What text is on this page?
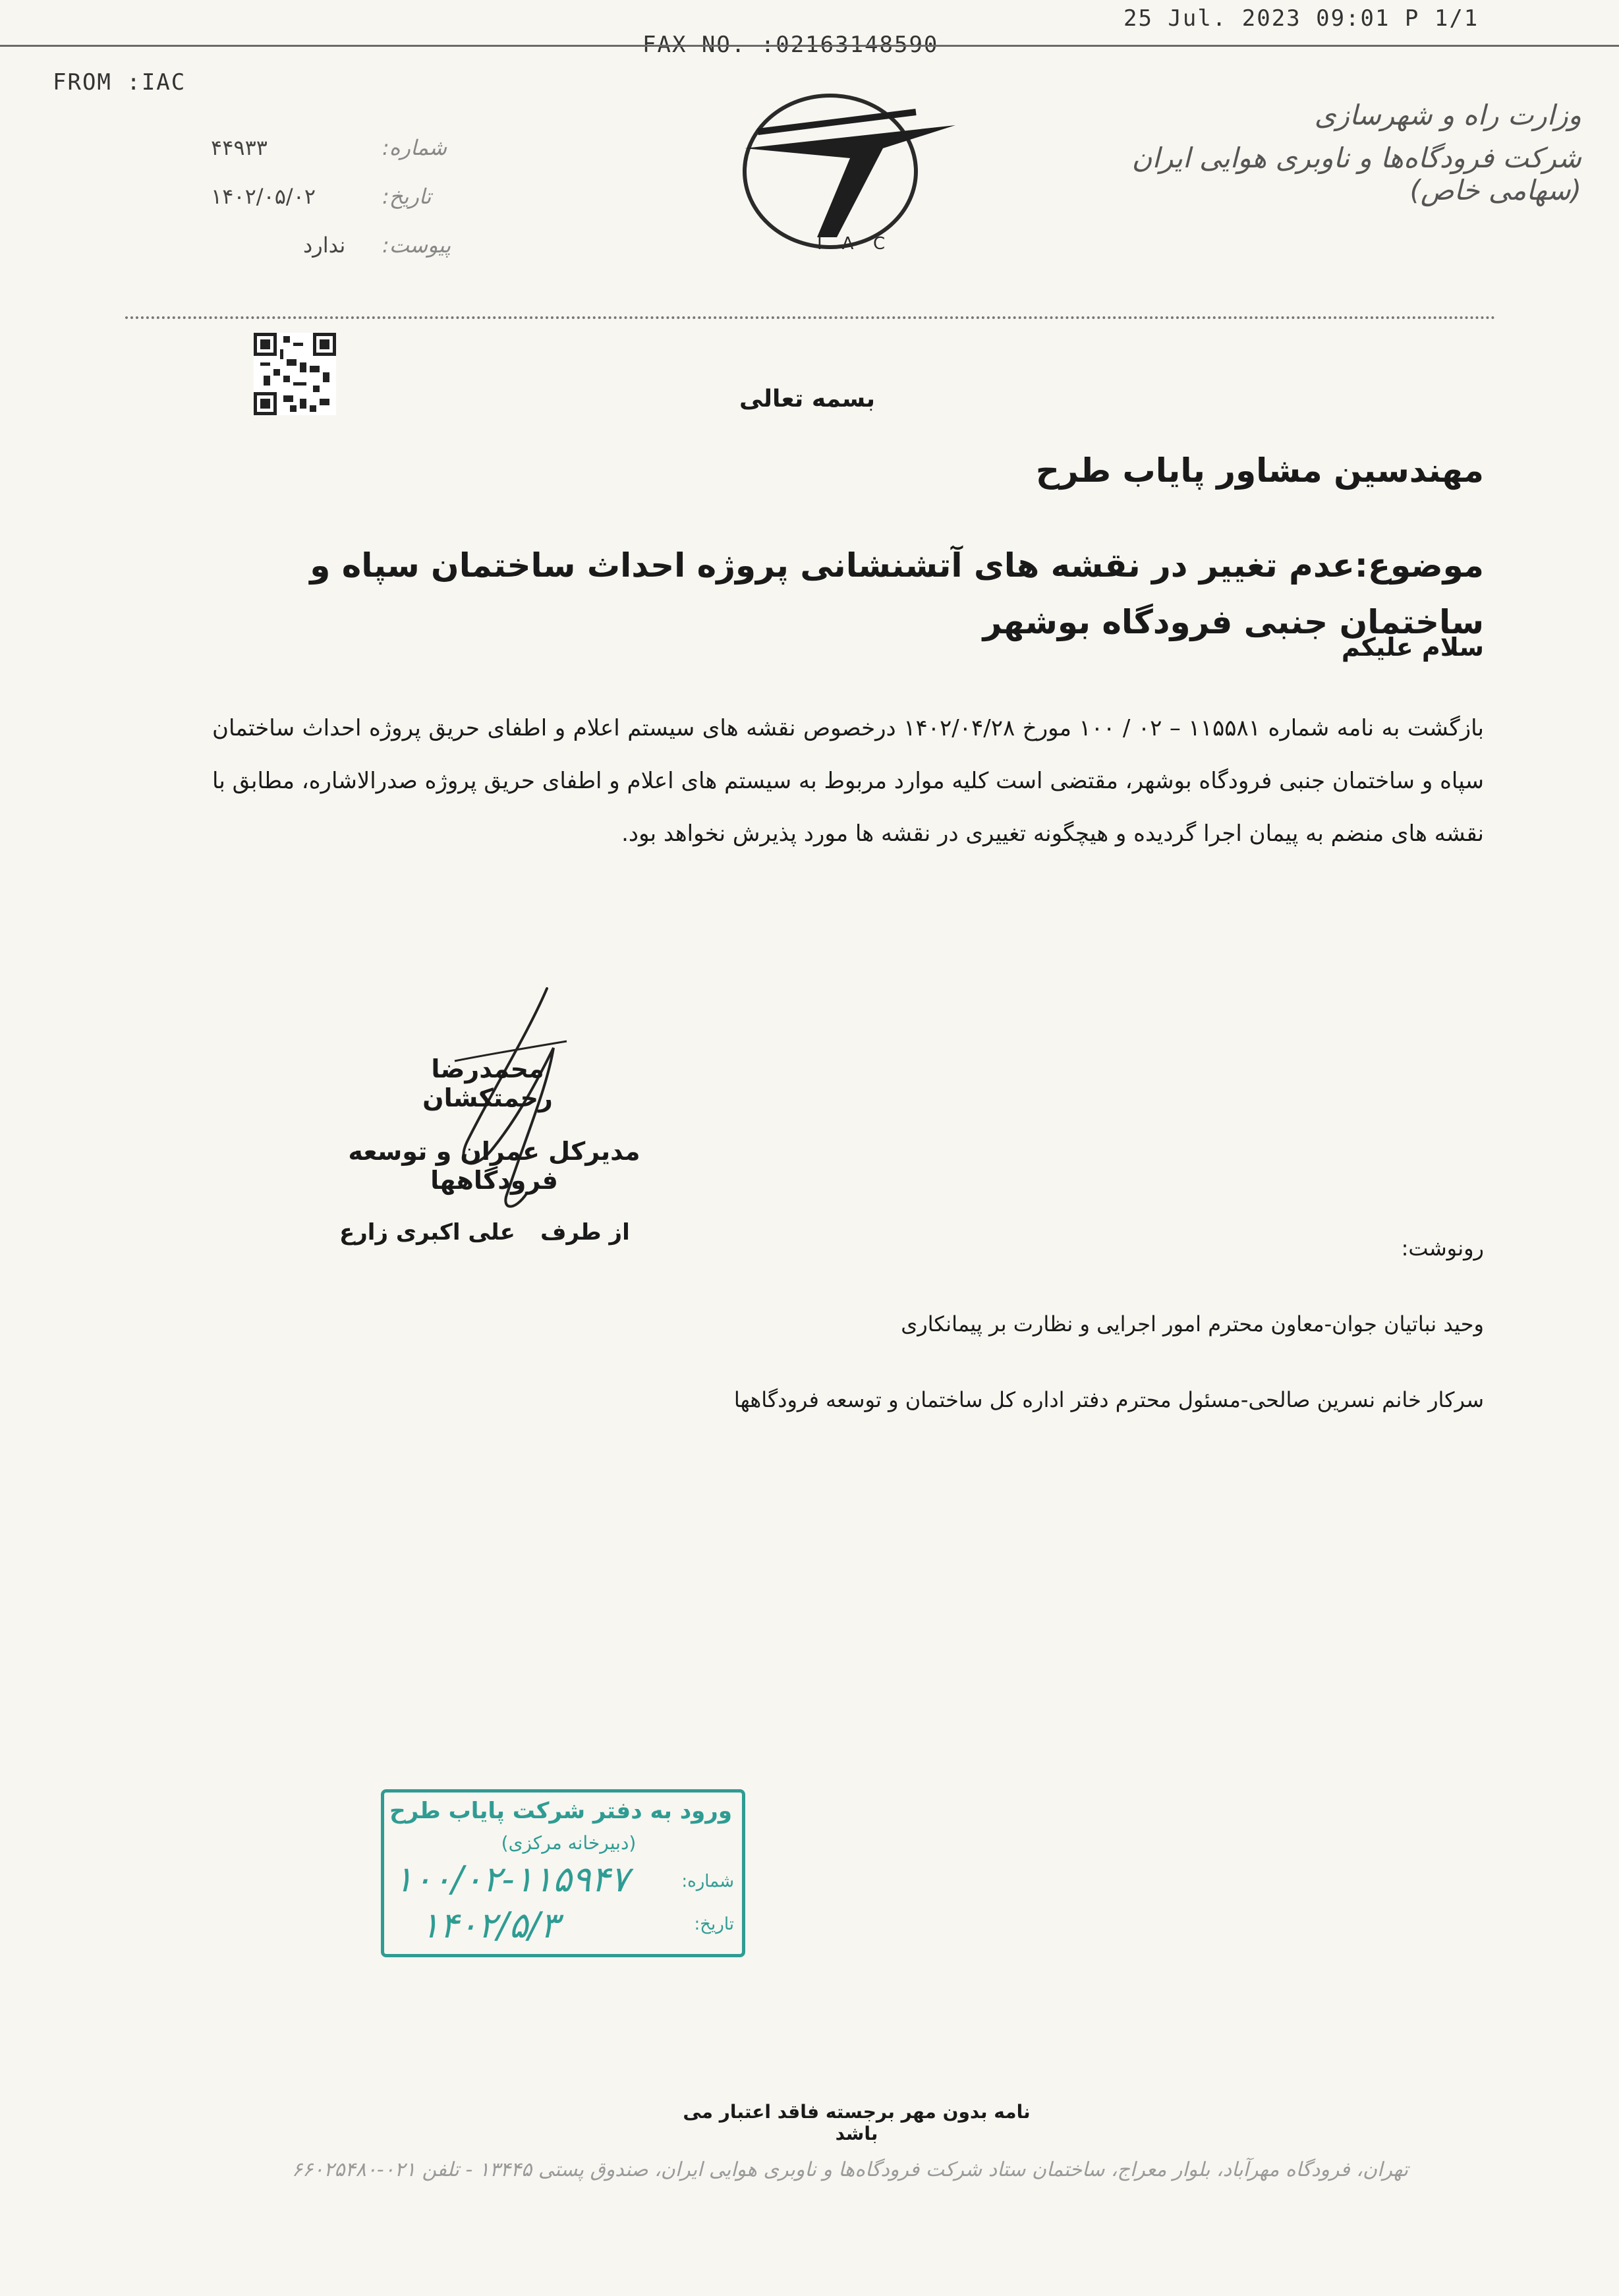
FROM :IAC
FAX NO. :02163148590
25 Jul. 2023 09:01 P 1/1
۴۴۹۳۳	شماره:
۱۴۰۲/۰۵/۰۲	تاریخ:
ندارد پیوست:	IAC
وزارت راه و شهرسازی
شرکت فرودگاه‌ها و ناوبری هوایی ایران (سهامی خاص)
بسمه تعالی
مهندسین مشاور پایاب طرح
موضوع:عدم تغییر در نقشه های آتشنشانی پروژه احداث ساختمان سپاه و ساختمان جنبی فرودگاه بوشهر
سلام علیکم
بازگشت به نامه شماره ۱۱۵۵۸۱ – ۰۲ / ۱۰۰ مورخ ۱۴۰۲/۰۴/۲۸ درخصوص نقشه های سیستم اعلام و اطفای حریق پروژه احداث ساختمان سپاه و ساختمان جنبی فرودگاه بوشهر، مقتضی است کلیه موارد مربوط به سیستم های اعلام و اطفای حریق پروژه صدرالاشاره، مطابق با نقشه های منضم به پیمان اجرا گردیده و هیچگونه تغییری در نقشه ها مورد پذیرش نخواهد بود.
محمدرضا رحمتکشان
مدیرکل عمران و توسعه فرودگاهها
از طرف
علی اکبری زارع
رونوشت:
وحید نباتیان جوان-معاون محترم امور اجرایی و نظارت بر پیمانکاری
سرکار خانم نسرین صالحی-مسئول محترم دفتر اداره کل ساختمان و توسعه فرودگاهها
ورود به دفتر شرکت پایاب طرح
(دبیرخانه مرکزی)
شماره:
۱۰۰/۰۲-۱۱۵۹۴۷
تاریخ:
۱۴۰۲/۵/۳
نامه بدون مهر برجسته فاقد اعتبار می باشد
تهران، فرودگاه مهرآباد، بلوار معراج، ساختمان ستاد شرکت فرودگاه‌ها و ناوبری هوایی ایران، صندوق پستی ۱۳۴۴۵ - تلفن ۰۲۱-۶۶۰۲۵۴۸۰
